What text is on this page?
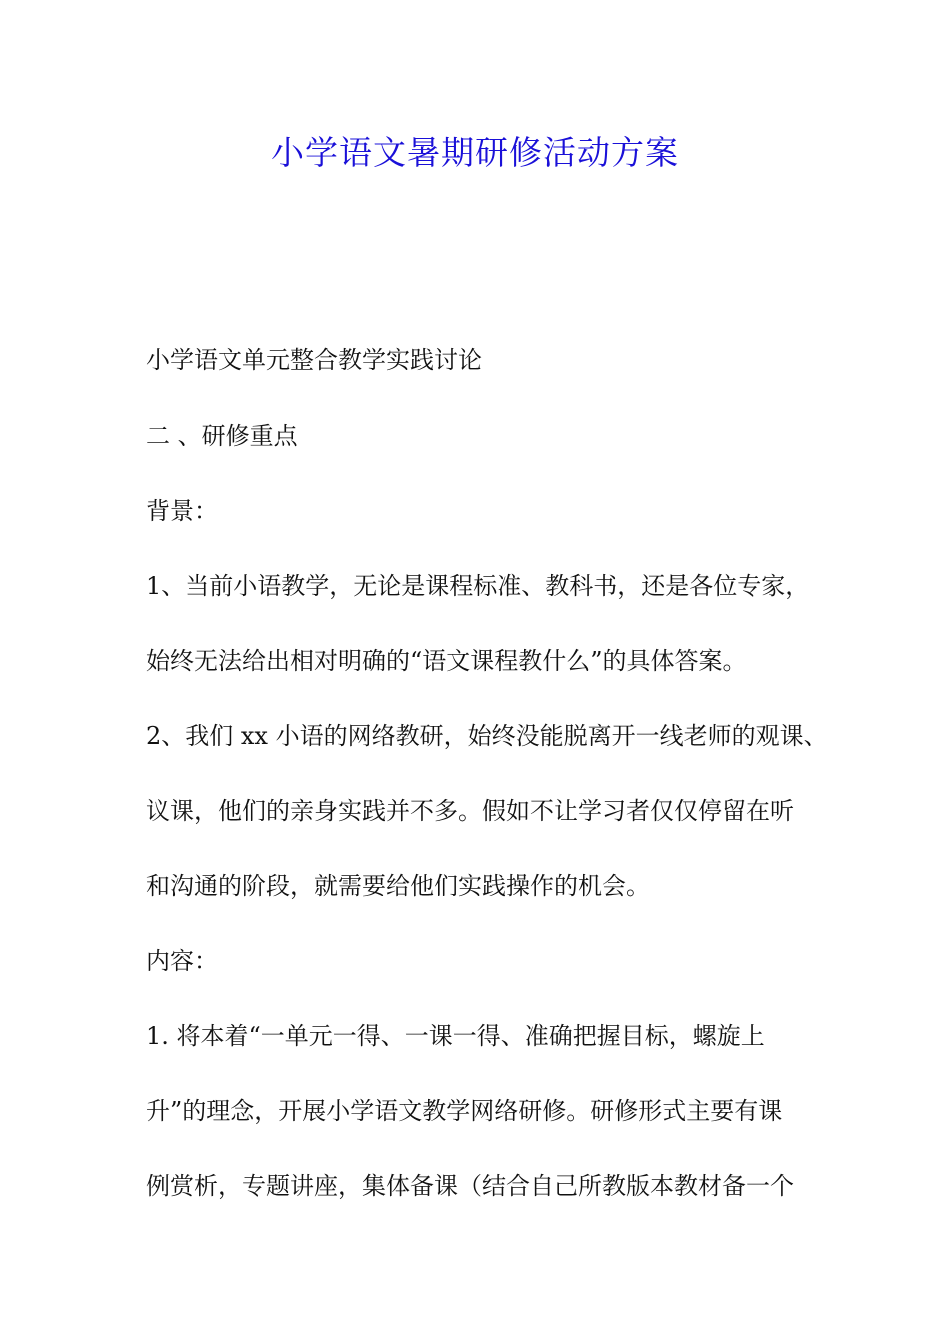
小学语文暑期研修活动方案
小学语文单元整合教学实践讨论
二 、研修重点
背景：
1、当前小语教学，无论是课程标准、教科书，还是各位专家，
始终无法给出相对明确的“语文课程教什么”的具体答案。
2、我们 xx 小语的网络教研，始终没能脱离开一线老师的观课、
议课，他们的亲身实践并不多。假如不让学习者仅仅停留在听
和沟通的阶段，就需要给他们实践操作的机会。
内容：
1. 将本着“一单元一得、一课一得、准确把握目标，螺旋上
升”的理念，开展小学语文教学网络研修。研修形式主要有课
例赏析，专题讲座，集体备课（结合自己所教版本教材备一个
